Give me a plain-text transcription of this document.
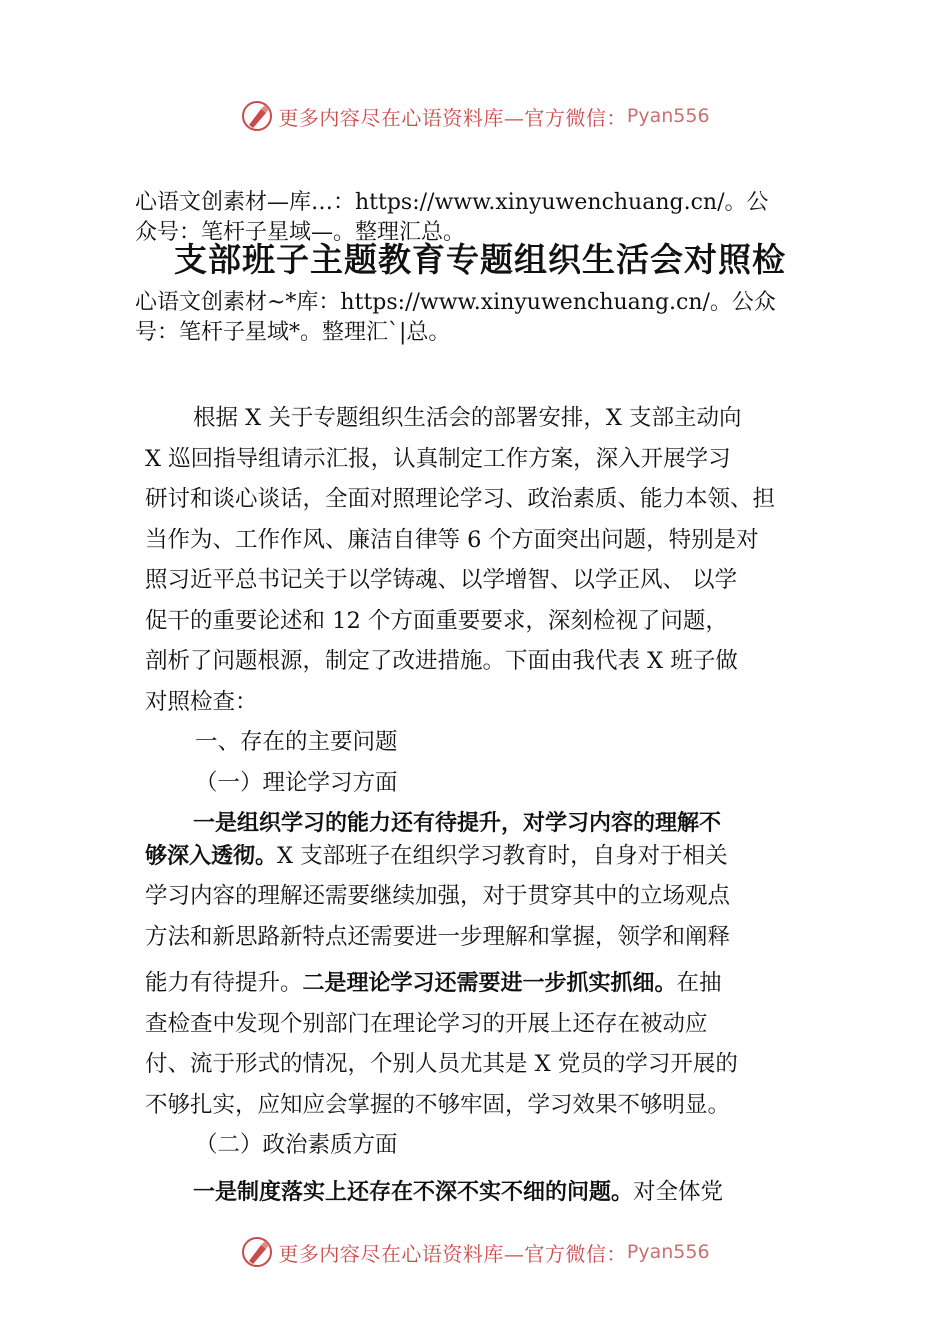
更多内容尽在心语资料库—官方微信： Pyan556

心语文创素材—库…：https://www.xinyuwenchuang.cn/。公
众号：笔杆子星域—。整理汇总。

支部班子主题教育专题组织生活会对照检

心语文创素材~*库：https://www.xinyuwenchuang.cn/。公众
号：笔杆子星域*。整理汇`|总。

根据 X 关于专题组织生活会的部署安排，X 支部主动向

X 巡回指导组请示汇报，认真制定工作方案，深入开展学习

研讨和谈心谈话，全面对照理论学习、政治素质、能力本领、担

当作为、工作作风、廉洁自律等 6 个方面突出问题，特别是对

照习近平总书记关于以学铸魂、以学增智、以学正风、 以学

促干的重要论述和 12 个方面重要要求，深刻检视了问题，

剖析了问题根源，制定了改进措施。下面由我代表 X 班子做

对照检查：

一、存在的主要问题

（一）理论学习方面

一是组织学习的能力还有待提升，对学习内容的理解不

够深入透彻。X 支部班子在组织学习教育时，自身对于相关

学习内容的理解还需要继续加强，对于贯穿其中的立场观点

方法和新思路新特点还需要进一步理解和掌握，领学和阐释

能力有待提升。二是理论学习还需要进一步抓实抓细。在抽

查检查中发现个别部门在理论学习的开展上还存在被动应

付、流于形式的情况，个别人员尤其是 X 党员的学习开展的

不够扎实，应知应会掌握的不够牢固，学习效果不够明显。

（二）政治素质方面

一是制度落实上还存在不深不实不细的问题。对全体党

更多内容尽在心语资料库—官方微信： Pyan556
